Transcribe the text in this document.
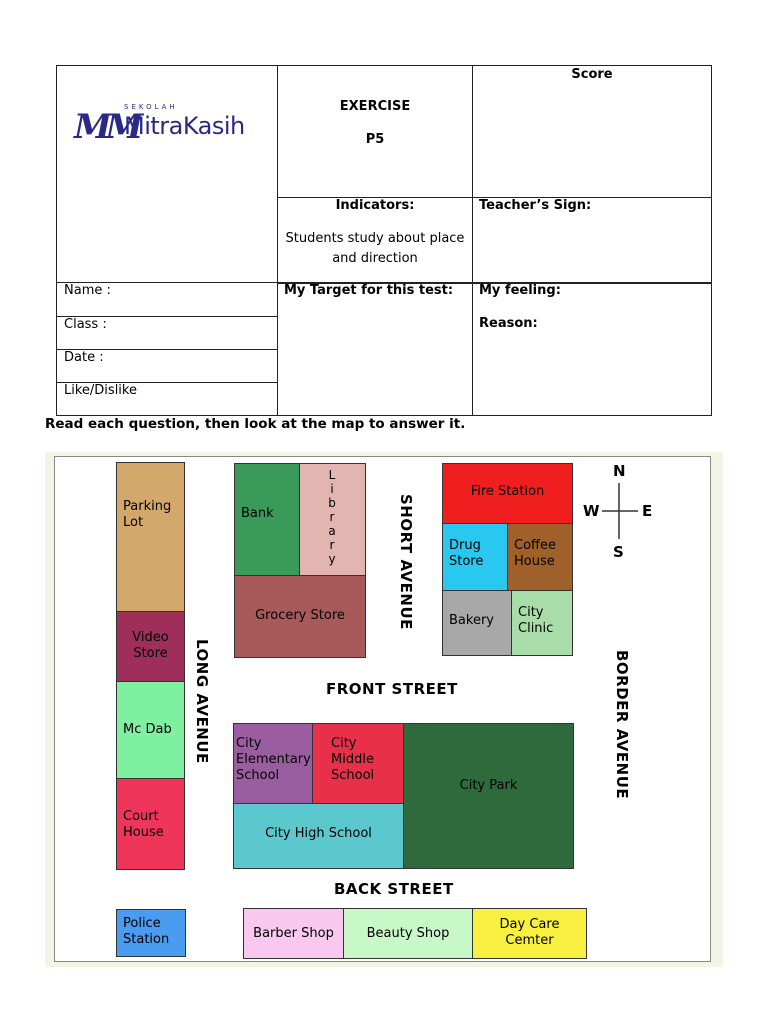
MM
SEKOLAH
MitraKasih
EXERCISE
P5
Score
Indicators:
Students study about place and direction
Teacher’s Sign:
Name :
Class :
Date :
Like/Dislike
My Target for this test: My feeling:
Reason:
Read each question, then look at the map to answer it.
Parking Lot
Video Store
Mc Dab
Court House
Police Station
Bank
Library
Grocery Store
Fire Station
Drug Store
Coffee House
Bakery
City Clinic
City Elementary School
City Middle School
City High School
City Park
Barber Shop	Beauty Shop
Day Care Cemter
FRONT STREET
BACK STREET
SHORT AVENUE
LONG AVENUE	BORDER AVENUE
N
S
W	E
